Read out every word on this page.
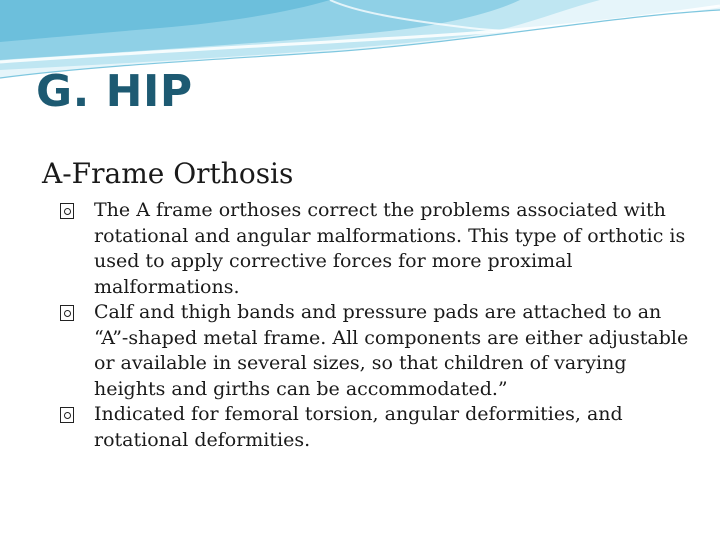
G. HIP
A-Frame Orthosis
The A frame orthoses correct the problems associated with rotational and angular malformations. This type of orthotic is used to apply corrective forces for more proximal malformations.
Calf and thigh bands and pressure pads are attached to an “A”-shaped metal frame. All components are either adjustable or available in several sizes, so that children of varying heights and girths can be accommodated.”
Indicated for femoral torsion, angular deformities, and rotational deformities.
